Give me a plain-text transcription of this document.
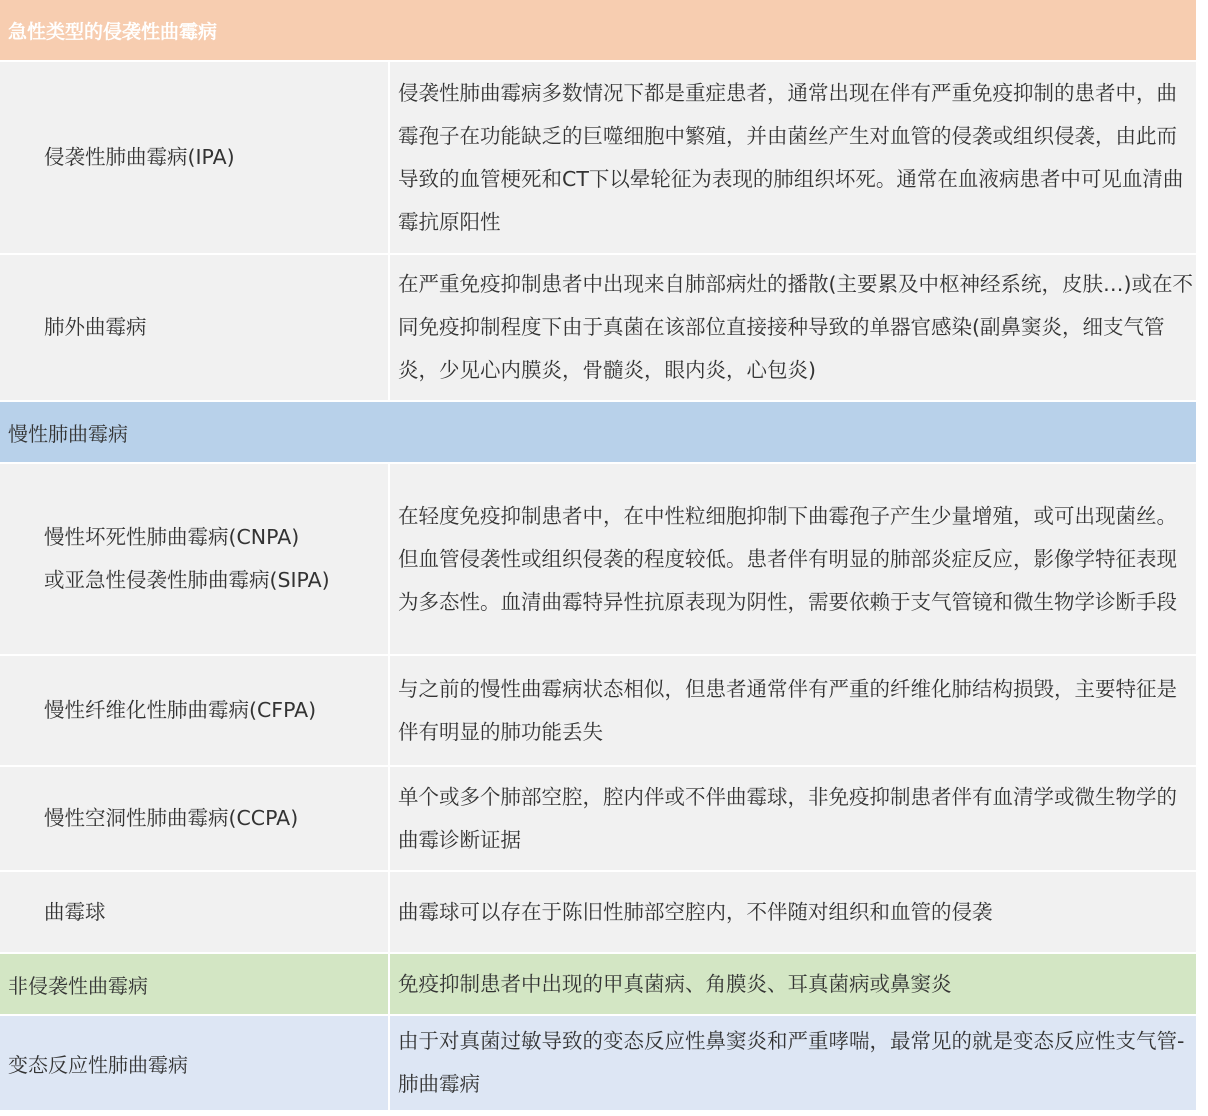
急性类型的侵袭性曲霉病
侵袭性肺曲霉病(IPA)
侵袭性肺曲霉病多数情况下都是重症患者，通常出现在伴有严重免疫抑制的患者中，曲霉孢子在功能缺乏的巨噬细胞中繁殖，并由菌丝产生对血管的侵袭或组织侵袭，由此而导致的血管梗死和CT下以晕轮征为表现的肺组织坏死。通常在血液病患者中可见血清曲霉抗原阳性
肺外曲霉病
在严重免疫抑制患者中出现来自肺部病灶的播散(主要累及中枢神经系统，皮肤…)或在不同免疫抑制程度下由于真菌在该部位直接接种导致的单器官感染(副鼻窦炎，细支气管炎，少见心内膜炎，骨髓炎，眼内炎，心包炎)
慢性肺曲霉病
慢性坏死性肺曲霉病(CNPA)
或亚急性侵袭性肺曲霉病(SIPA)
在轻度免疫抑制患者中，在中性粒细胞抑制下曲霉孢子产生少量增殖，或可出现菌丝。但血管侵袭性或组织侵袭的程度较低。患者伴有明显的肺部炎症反应，影像学特征表现为多态性。血清曲霉特异性抗原表现为阴性，需要依赖于支气管镜和微生物学诊断手段
慢性纤维化性肺曲霉病(CFPA)
与之前的慢性曲霉病状态相似，但患者通常伴有严重的纤维化肺结构损毁，主要特征是伴有明显的肺功能丢失
慢性空洞性肺曲霉病(CCPA)
单个或多个肺部空腔，腔内伴或不伴曲霉球，非免疫抑制患者伴有血清学或微生物学的曲霉诊断证据
曲霉球	曲霉球可以存在于陈旧性肺部空腔内，不伴随对组织和血管的侵袭
非侵袭性曲霉病	免疫抑制患者中出现的甲真菌病、角膜炎、耳真菌病或鼻窦炎
变态反应性肺曲霉病
由于对真菌过敏导致的变态反应性鼻窦炎和严重哮喘，最常见的就是变态反应性支气管-肺曲霉病
